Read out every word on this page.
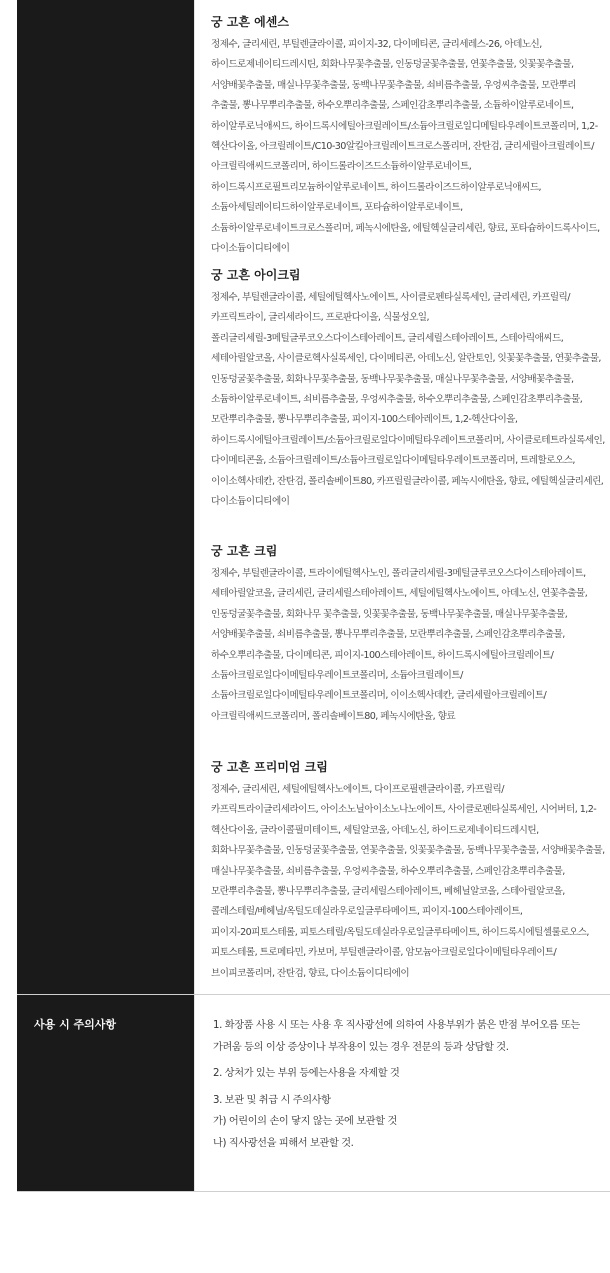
궁 고흔 에센스

정제수, 글리세린, 부틸렌글라이콜, 피이지-32, 다이메티콘, 글리세레스-26, 아데노신, 하이드로제네이티드레시틴, 회화나무꽃추출물, 인동덩굴꽃추출물, 연꽃추출물, 잇꽃꽃추출물, 서양배꽃추출물, 매실나무꽃추출물, 동백나무꽃추출물, 쇠비름추출물, 우엉씨추출물, 모란뿌리 추출물, 뽕나무뿌리추출물, 하수오뿌리추출물, 스페인감초뿌리추출물, 소듐하이알루로네이트, 하이알루로닉애씨드, 하이드록시에틸아크릴레이트/소듐아크릴로일디메틸타우레이트코폴리머, 1,2-헥산다이올, 아크릴레이트/C10-30알킬아크릴레이트크로스폴리머, 잔탄검, 글리세릴아크릴레이트/아크릴릭애씨드코폴리머, 하이드롤라이즈드소듐하이알루로네이트, 하이드록시프로필트리모늄하이알루로네이트, 하이드롤라이즈드하이알루로닉애씨드, 소듐아세틸레이티드하이알루로네이트, 포타슘하이알루로네이트, 소듐하이알루로네이트크로스폴리머, 페녹시에탄올, 에틸헥실글리세린, 향료, 포타슘하이드록사이드, 다이소듐이디티에이

궁 고흔 아이크림

정제수, 부틸렌글라이콜, 세틸에틸헥사노에이트, 사이클로펜타실록세인, 글리세린, 카프릴릭/카프릭트라이, 글리세라이드, 프로판다이올, 식물성오일, 폴리글리세릴-3메틸글루코오스다이스테아레이트, 글리세릴스테아레이트, 스테아릭애씨드, 세테아릴알코올, 사이클로헥사실록세인, 다이메티콘, 아데노신, 알란토인, 잇꽃꽃추출물, 연꽃추출물, 인동덩굴꽃추출물, 회화나무꽃추출물, 동백나무꽃추출물, 매실나무꽃추출물, 서양배꽃추출물, 소듐하이알루로네이트, 쇠비름추출물, 우엉씨추출물, 하수오뿌리추출물, 스페인감초뿌리추출물, 모란뿌리추출물, 뽕나무뿌리추출물, 피이지-100스테아레이트, 1,2-헥산다이올, 하이드록시에틸아크릴레이트/소듐아크릴로일다이메틸타우레이트코폴리머, 사이클로테트라실록세인, 다이메티콘올, 소듐아크릴레이트/소듐아크릴로일다이메틸타우레이트코폴리머, 트레할로오스, 이이소헥사데칸, 잔탄검, 폴리솔베이트80, 카프릴릴글라이콜, 페녹시에탄올, 향료, 에틸헥실글리세린, 다이소듐이디티에이

궁 고흔 크림

정제수, 부틸렌글라이콜, 트라이에틸헥사노인, 폴리글리세릴-3메틸글루코오스다이스테아레이트, 세테아릴알코올, 글리세린, 글리세릴스테아레이트, 세틸에틸헥사노에이트, 아데노신, 연꽃추출물, 인동덩굴꽃추출물, 회화나무 꽃추출물, 잇꽃꽃추출물, 동백나무꽃추출물, 매실나무꽃추출물, 서양배꽃추출물, 쇠비름추출물, 뽕나무뿌리추출물, 모란뿌리추출물, 스페인감초뿌리추출물, 하수오뿌리추출물, 다이메티콘, 피이지-100스테아레이트, 하이드록시에틸아크릴레이트/소듐아크릴로일다이메틸타우레이트코폴리머, 소듐아크릴레이트/소듐아크릴로일다이메틸타우레이트코폴리머, 이이소헥사데칸, 글리세릴아크릴레이트/아크릴릭애씨드코폴리머, 폴리솔베이트80, 페녹시에탄올, 향료

궁 고흔 프리미엄 크림

정제수, 글리세린, 세틸에틸헥사노에이트, 다이프로필렌글라이콜, 카프릴릭/카프릭트라이글리세라이드, 아이소노닐아이소노나노에이트, 사이클로펜타실록세인, 시어버터, 1,2-헥산다이올, 글라이콜필미테이트, 세틸알코올, 아데노신, 하이드로제네이티드레시틴, 회화나무꽃추출물, 인동덩굴꽃추출물, 연꽃추출물, 잇꽃꽃추출물, 동백나무꽃추출물, 서양배꽃추출물, 매실나무꽃추출물, 쇠비름추출물, 우엉씨추출물, 하수오뿌리추출물, 스페인감초뿌리추출물,모란뿌리추출물, 뽕나무뿌리추출물, 글리세릴스테아레이트, 베헤닐알코올, 스테아릴알코올, 콜레스테릴/베헤닐/옥틸도데실라우로일글루타메이트, 피이지-100스테아레이트, 피이지-20피토스테롤, 피토스테릴/옥틸도데실라우로일글루타메이트, 하이드록시에틸셀룰로오스, 피토스테롤, 트로메타민, 카보머, 부틸렌글라이콜, 암모늄아크릴로일다이메틸타우레이트/브이피코폴리머, 잔탄검, 향료, 다이소듐이디티에이

사용 시 주의사항	1. 화장품 사용 시 또는 사용 후 직사광선에 의하여 사용부위가 붉은 반점 부어오름 또는 가려움 등의 이상 증상이나 부작용이 있는 경우 전문의 등과 상담할 것.

2. 상처가 있는 부위 등에는사용을 자제할 것

3. 보관 및 취급 시 주의사항

가) 어린이의 손이 닿지 않는 곳에 보관할 것

나) 직사광선을 피해서 보관할 것.
